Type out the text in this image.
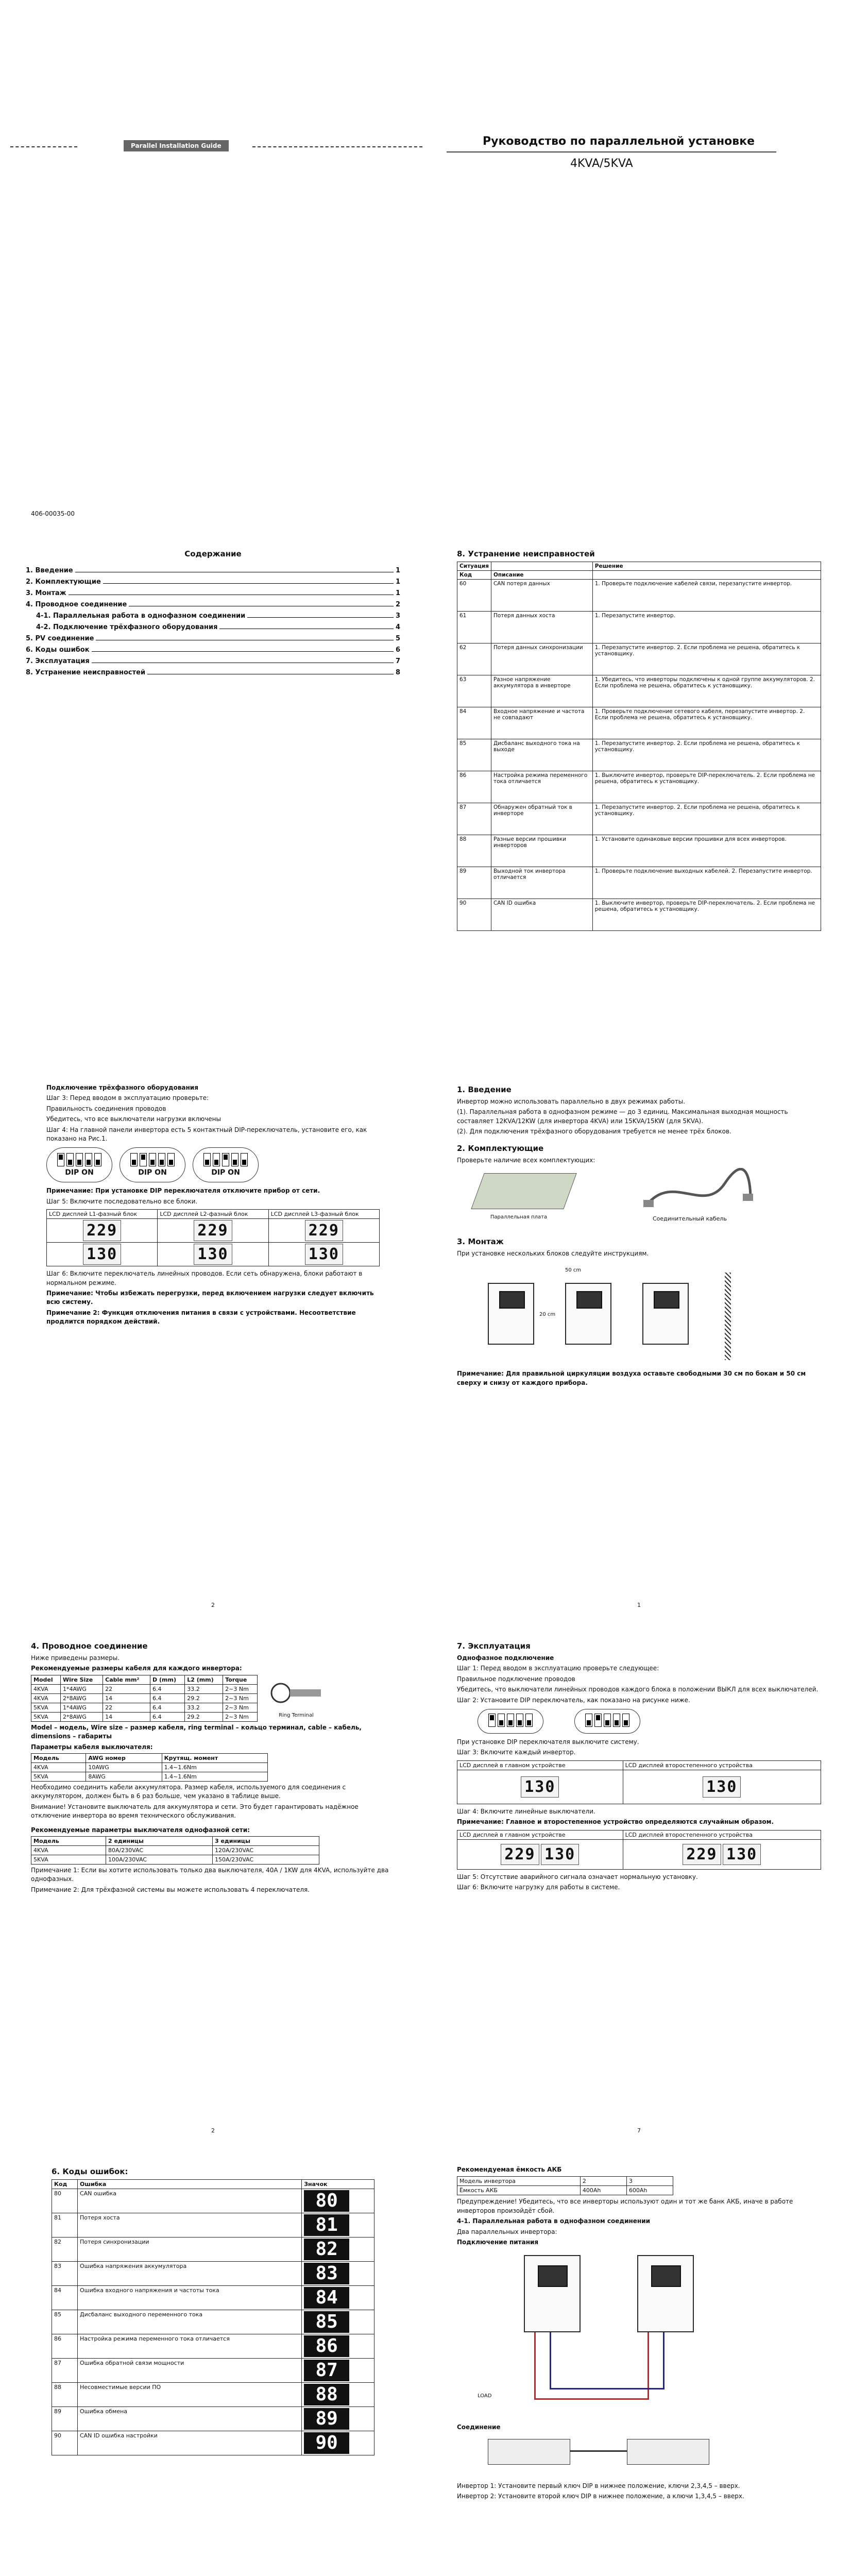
Parallel Installation Guide
406-00035-00
Руководство по параллельной установке
4KVA/5KVA
Содержание
1. Введение	1
2. Комплектующие	1
3. Монтаж	1
4. Проводное соединение	2
4-1. Параллельная работа в однофазном соединении	3
4-2. Подключение трёхфазного оборудования	4
5. PV соединение	5
6. Коды ошибок	6
7. Эксплуатация	7
8. Устранение неисправностей	8
8. Устранение неисправностей
Ситуация		Решение
Код	Описание	
60	CAN потеря данных	1. Проверьте подключение кабелей связи, перезапустите инвертор.
61	Потеря данных хоста	1. Перезапустите инвертор.
62	Потеря данных синхронизации	1. Перезапустите инвертор. 2. Если проблема не решена, обратитесь к установщику.
63	Разное напряжение аккумулятора в инверторе	1. Убедитесь, что инверторы подключены к одной группе аккумуляторов. 2. Если проблема не решена, обратитесь к установщику.
84	Входное напряжение и частота не совпадают	1. Проверьте подключение сетевого кабеля, перезапустите инвертор. 2. Если проблема не решена, обратитесь к установщику.
85	Дисбаланс выходного тока на выходе	1. Перезапустите инвертор. 2. Если проблема не решена, обратитесь к установщику.
86	Настройка режима переменного тока отличается	1. Выключите инвертор, проверьте DIP-переключатель. 2. Если проблема не решена, обратитесь к установщику.
87	Обнаружен обратный ток в инверторе	1. Перезапустите инвертор. 2. Если проблема не решена, обратитесь к установщику.
88	Разные версии прошивки инверторов	1. Установите одинаковые версии прошивки для всех инверторов.
89	Выходной ток инвертора отличается	1. Проверьте подключение выходных кабелей. 2. Перезапустите инвертор.
90	CAN ID ошибка	1. Выключите инвертор, проверьте DIP-переключатель. 2. Если проблема не решена, обратитесь к установщику.
Подключение трёхфазного оборудования
Шаг 3: Перед вводом в эксплуатацию проверьте:
Правильность соединения проводов
Убедитесь, что все выключатели нагрузки включены
Шаг 4: На главной панели инвертора есть 5 контактный DIP-переключатель, установите его, как показано на Рис.1.
DIP ON	DIP ON	DIP ON
Примечание: При установке DIP переключателя отключите прибор от сети.
Шаг 5: Включите последовательно все блоки.
LCD дисплей L1-фазный блок	LCD дисплей L2-фазный блок	LCD дисплей L3-фазный блок
229	229	229
130	130	130
Шаг 6: Включите переключатель линейных проводов. Если сеть обнаружена, блоки работают в нормальном режиме.
Примечание: Чтобы избежать перегрузки, перед включением нагрузки следует включить всю систему.
Примечание 2: Функция отключения питания в связи с устройствами. Несоответствие продлится порядком действий.
2
1. Введение
Инвертор можно использовать параллельно в двух режимах работы.
(1). Параллельная работа в однофазном режиме — до 3 единиц. Максимальная выходная мощность составляет 12KVA/12KW (для инвертора 4KVA) или 15KVA/15KW (для 5KVA).
(2). Для подключения трёхфазного оборудования требуется не менее трёх блоков.
2. Комплектующие
Проверьте наличие всех комплектующих:
Параллельная плата	Соединительный кабель
3. Монтаж
При установке нескольких блоков следуйте инструкциям.
50 cm
20 cm
Примечание: Для правильной циркуляции воздуха оставьте свободными 30 см по бокам и 50 см сверху и снизу от каждого прибора.
1
4. Проводное соединение
Ниже приведены размеры.
Рекомендуемые размеры кабеля для каждого инвертора:
Model	Wire Size	Cable mm²	D (mm)	L2 (mm)	Torque
4KVA	1*4AWG	22	6.4	33.2	2~3 Nm
4KVA	2*8AWG	14	6.4	29.2	2~3 Nm
5KVA	1*4AWG	22	6.4	33.2	2~3 Nm
5KVA	2*8AWG	14	6.4	29.2	2~3 Nm	Ring Terminal
Model – модель, Wire size – размер кабеля, ring terminal – кольцо терминал, cable – кабель, dimensions – габариты
Параметры кабеля выключателя:
Модель	AWG номер	Крутящ. момент
4KVA	10AWG	1.4~1.6Nm
5KVA	8AWG	1.4~1.6Nm
Необходимо соединить кабели аккумулятора. Размер кабеля, используемого для соединения с аккумулятором, должен быть в 6 раз больше, чем указано в таблице выше.
Внимание! Установите выключатель для аккумулятора и сети. Это будет гарантировать надёжное отключение инвертора во время технического обслуживания.
Рекомендуемые параметры выключателя однофазной сети:
Модель	2 единицы	3 единицы
4KVA	80A/230VAC	120A/230VAC
5KVA	100A/230VAC	150A/230VAC
Примечание 1: Если вы хотите использовать только два выключателя, 40A / 1KW для 4KVA, используйте два однофазных.
Примечание 2: Для трёхфазной системы вы можете использовать 4 переключателя.
2
7. Эксплуатация
Однофазное подключение
Шаг 1: Перед вводом в эксплуатацию проверьте следующее:
Правильное подключение проводов
Убедитесь, что выключатели линейных проводов каждого блока в положении ВЫКЛ для всех выключателей.
Шаг 2: Установите DIP переключатель, как показано на рисунке ниже.
При установке DIP переключателя выключите систему.
Шаг 3: Включите каждый инвертор.
LCD дисплей в главном устройстве	LCD дисплей второстепенного устройства
130	130
Шаг 4: Включите линейные выключатели.
Примечание: Главное и второстепенное устройство определяются случайным образом.
LCD дисплей в главном устройстве	LCD дисплей второстепенного устройства
229 130	229 130
Шаг 5: Отсутствие аварийного сигнала означает нормальную установку.
Шаг 6: Включите нагрузку для работы в системе.
7
6. Коды ошибок:
Код	Ошибка	Значок
80	CAN ошибка	80
81	Потеря хоста	81
82	Потеря синхронизации	82
83	Ошибка напряжения аккумулятора	83
84	Ошибка входного напряжения и частоты тока	84
85	Дисбаланс выходного переменного тока	85
86	Настройка режима переменного тока отличается	86
87	Ошибка обратной связи мощности	87
88	Несовместимые версии ПО	88
89	Ошибка обмена	89
90	CAN ID ошибка настройки	90
Рекомендуемая ёмкость АКБ
Модель инвертора	2	3
Ёмкость АКБ	400Ah	600Ah
Предупреждение! Убедитесь, что все инверторы используют один и тот же банк АКБ, иначе в работе инверторов произойдёт сбой.
4-1. Параллельная работа в однофазном соединении
Два параллельных инвертора:
Подключение питания
LOAD
Соединение
Инвертор 1: Установите первый ключ DIP в нижнее положение, ключи 2,3,4,5 – вверх.
Инвертор 2: Установите второй ключ DIP в нижнее положение, а ключи 1,3,4,5 – вверх.
